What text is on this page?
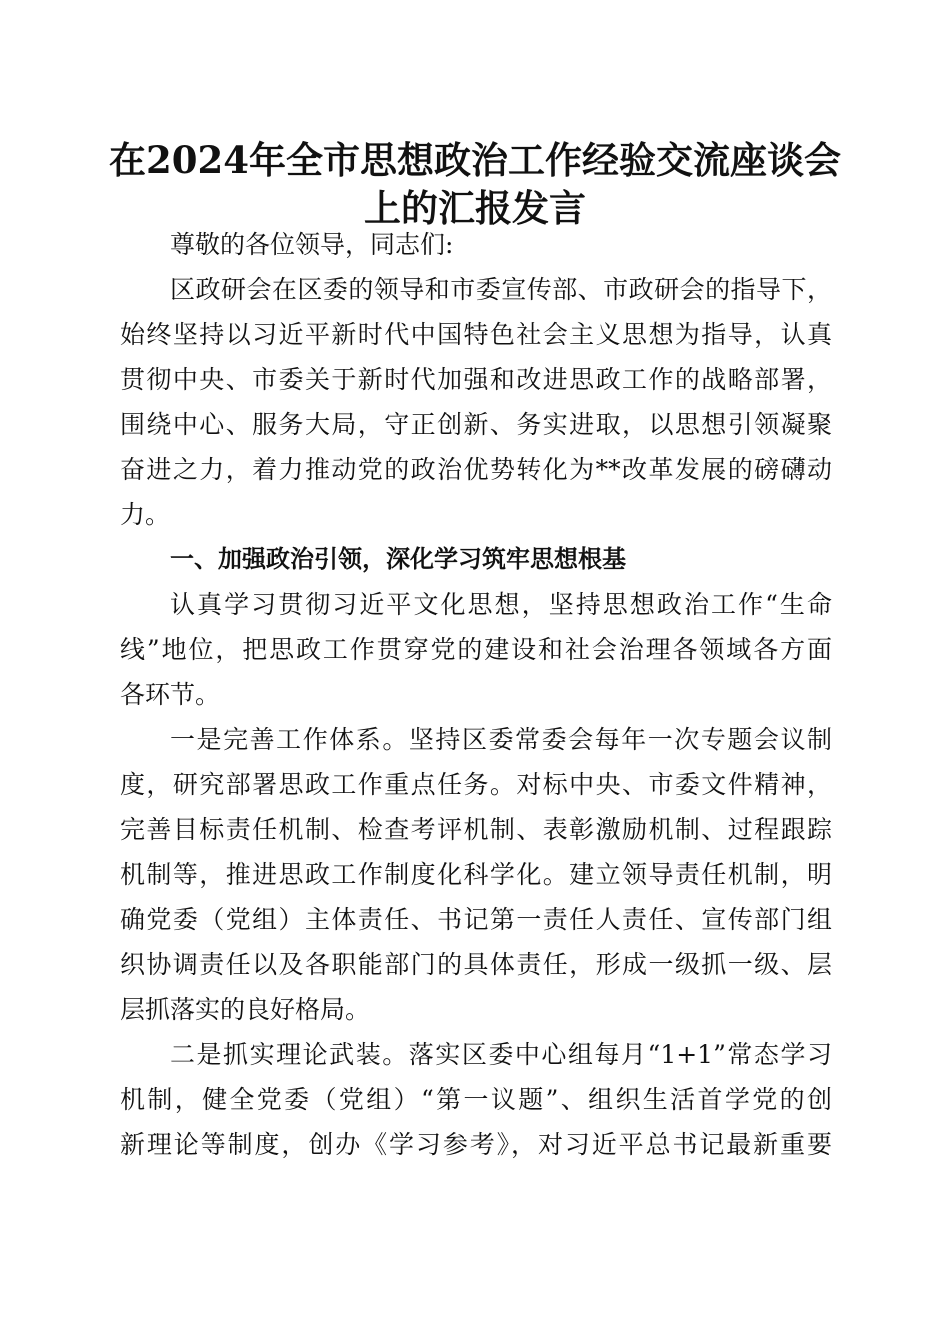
在2024年全市思想政治工作经验交流座谈会
上的汇报发言
尊敬的各位领导，同志们:
区政研会在区委的领导和市委宣传部、市政研会的指导下，
始终坚持以习近平新时代中国特色社会主义思想为指导，认真
贯彻中央、市委关于新时代加强和改进思政工作的战略部署，
围绕中心、服务大局，守正创新、务实进取，以思想引领凝聚
奋进之力，着力推动党的政治优势转化为**改革发展的磅礴动
力。
一、加强政治引领，深化学习筑牢思想根基
认真学习贯彻习近平文化思想，坚持思想政治工作“生命
线”地位，把思政工作贯穿党的建设和社会治理各领域各方面
各环节。
一是完善工作体系。坚持区委常委会每年一次专题会议制
度，研究部署思政工作重点任务。对标中央、市委文件精神，
完善目标责任机制、检查考评机制、表彰激励机制、过程跟踪
机制等，推进思政工作制度化科学化。建立领导责任机制，明
确党委（党组）主体责任、书记第一责任人责任、宣传部门组
织协调责任以及各职能部门的具体责任，形成一级抓一级、层
层抓落实的良好格局。
二是抓实理论武装。落实区委中心组每月“1+1”常态学习
机制，健全党委（党组）“第一议题”、组织生活首学党的创
新理论等制度，创办《学习参考》，对习近平总书记最新重要
